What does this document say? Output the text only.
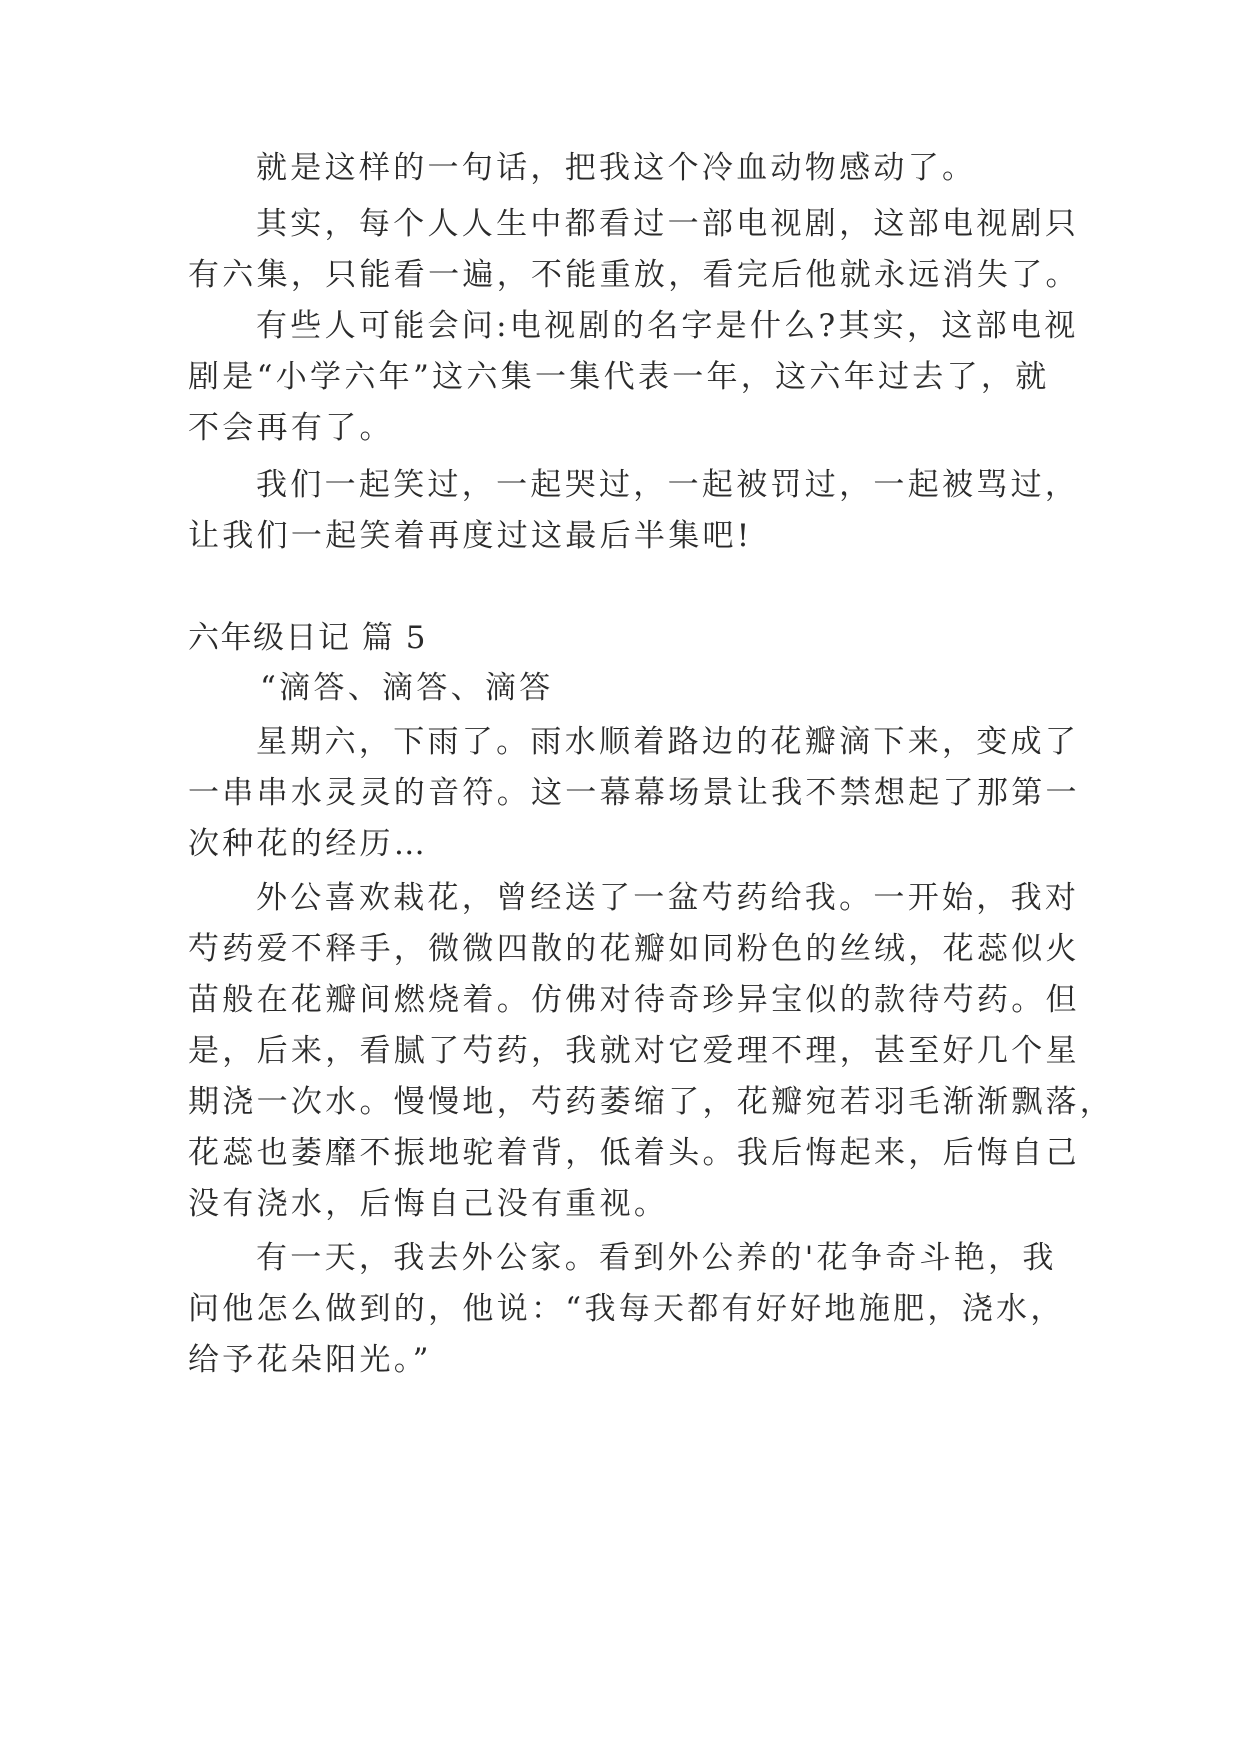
就是这样的一句话，把我这个冷血动物感动了。
其实，每个人人生中都看过一部电视剧，这部电视剧只
有六集，只能看一遍，不能重放，看完后他就永远消失了。
有些人可能会问:电视剧的名字是什么?其实，这部电视
剧是“小学六年”这六集一集代表一年，这六年过去了，就
不会再有了。
我们一起笑过，一起哭过，一起被罚过，一起被骂过，
让我们一起笑着再度过这最后半集吧!
六年级日记 篇 5
“滴答、滴答、滴答
星期六，下雨了。雨水顺着路边的花瓣滴下来，变成了
一串串水灵灵的音符。这一幕幕场景让我不禁想起了那第一
次种花的经历…
外公喜欢栽花，曾经送了一盆芍药给我。一开始，我对
芍药爱不释手，微微四散的花瓣如同粉色的丝绒，花蕊似火
苗般在花瓣间燃烧着。仿佛对待奇珍异宝似的款待芍药。但
是，后来，看腻了芍药，我就对它爱理不理，甚至好几个星
期浇一次水。慢慢地，芍药萎缩了，花瓣宛若羽毛渐渐飘落，
花蕊也萎靡不振地驼着背，低着头。我后悔起来，后悔自己
没有浇水，后悔自己没有重视。
有一天，我去外公家。看到外公养的'花争奇斗艳，我
问他怎么做到的，他说：“我每天都有好好地施肥，浇水，
给予花朵阳光。”
